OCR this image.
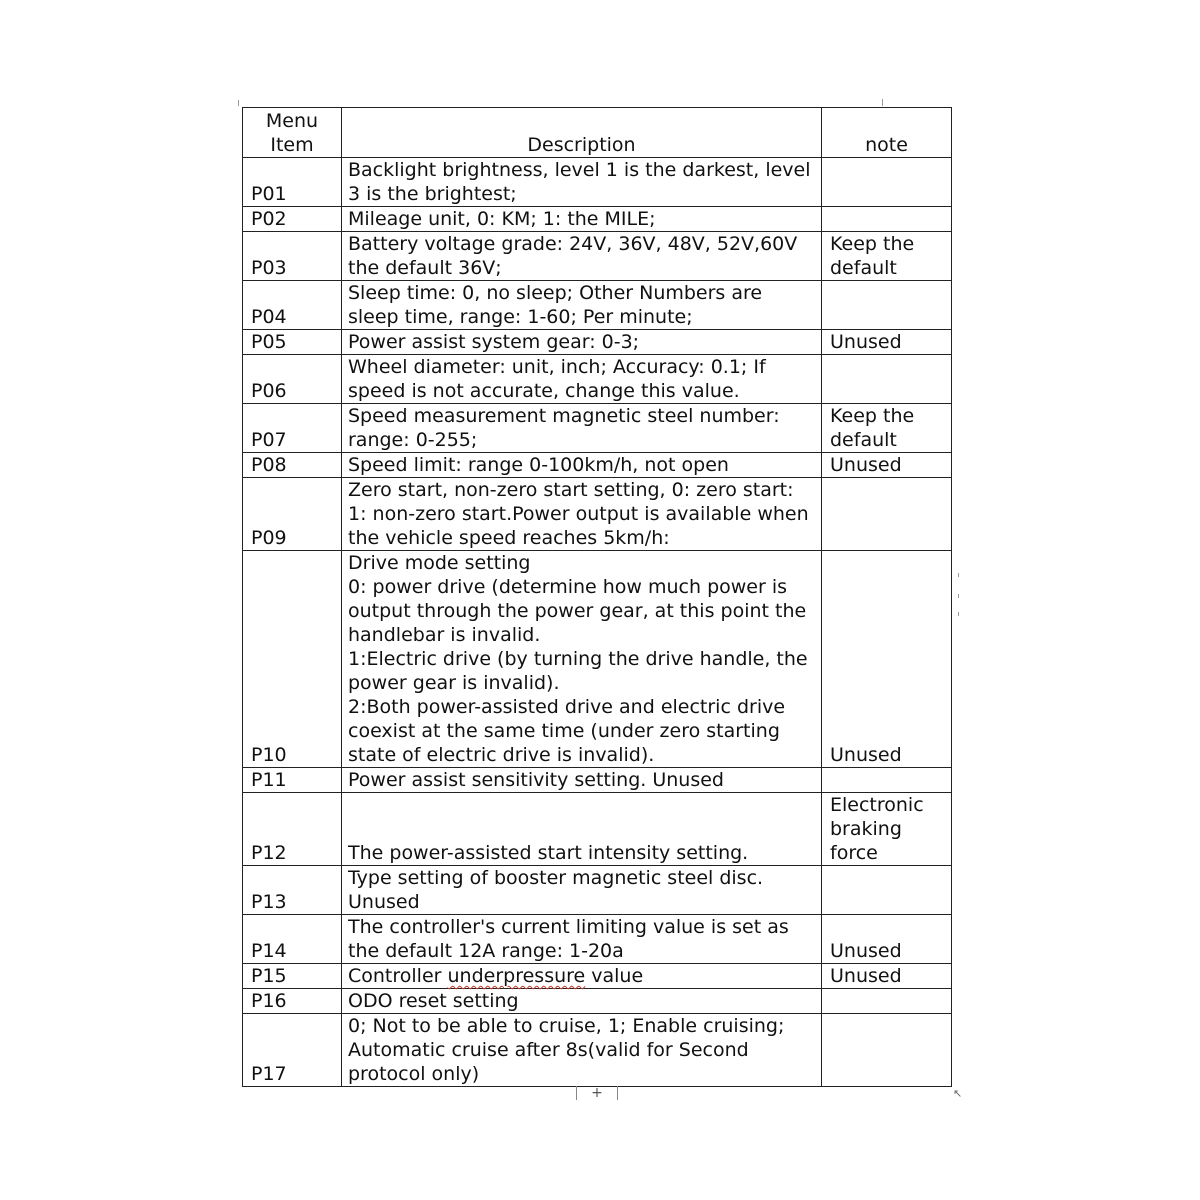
Menu
Item	Description	note
P01	Backlight brightness, level 1 is the darkest, level 3 is the brightest;	
P02	Mileage unit, 0: KM; 1: the MILE;	
P03	Battery voltage grade: 24V, 36V, 48V, 52V,60V the default 36V;	Keep the
default
P04	Sleep time: 0, no sleep; Other Numbers are sleep time, range: 1-60; Per minute;	
P05	Power assist system gear: 0-3;	Unused
P06	Wheel diameter: unit, inch; Accuracy: 0.1; If speed is not accurate, change this value.	
P07	Speed measurement magnetic steel number: range: 0-255;	Keep the
default
P08	Speed limit: range 0-100km/h, not open	Unused
P09	Zero start, non-zero start setting, 0: zero start: 1: non-zero start.Power output is available when the vehicle speed reaches 5km/h:	
P10	Drive mode setting
0: power drive (determine how much power is output through the power gear, at this point the handlebar is invalid.
1:Electric drive (by turning the drive handle, the power gear is invalid).
2:Both power-assisted drive and electric drive coexist at the same time (under zero starting state of electric drive is invalid).	Unused
P11	Power assist sensitivity setting. Unused	
P12	The power-assisted start intensity setting.	Electronic
braking
force
P13	Type setting of booster magnetic steel disc. Unused	
P14	The controller's current limiting value is set as the default 12A range: 1-20a	Unused
P15	Controller underpressure value	Unused
P16	ODO reset setting	
P17	0; Not to be able to cruise, 1; Enable cruising; Automatic cruise after 8s(valid for Second protocol only)	
+	↖
